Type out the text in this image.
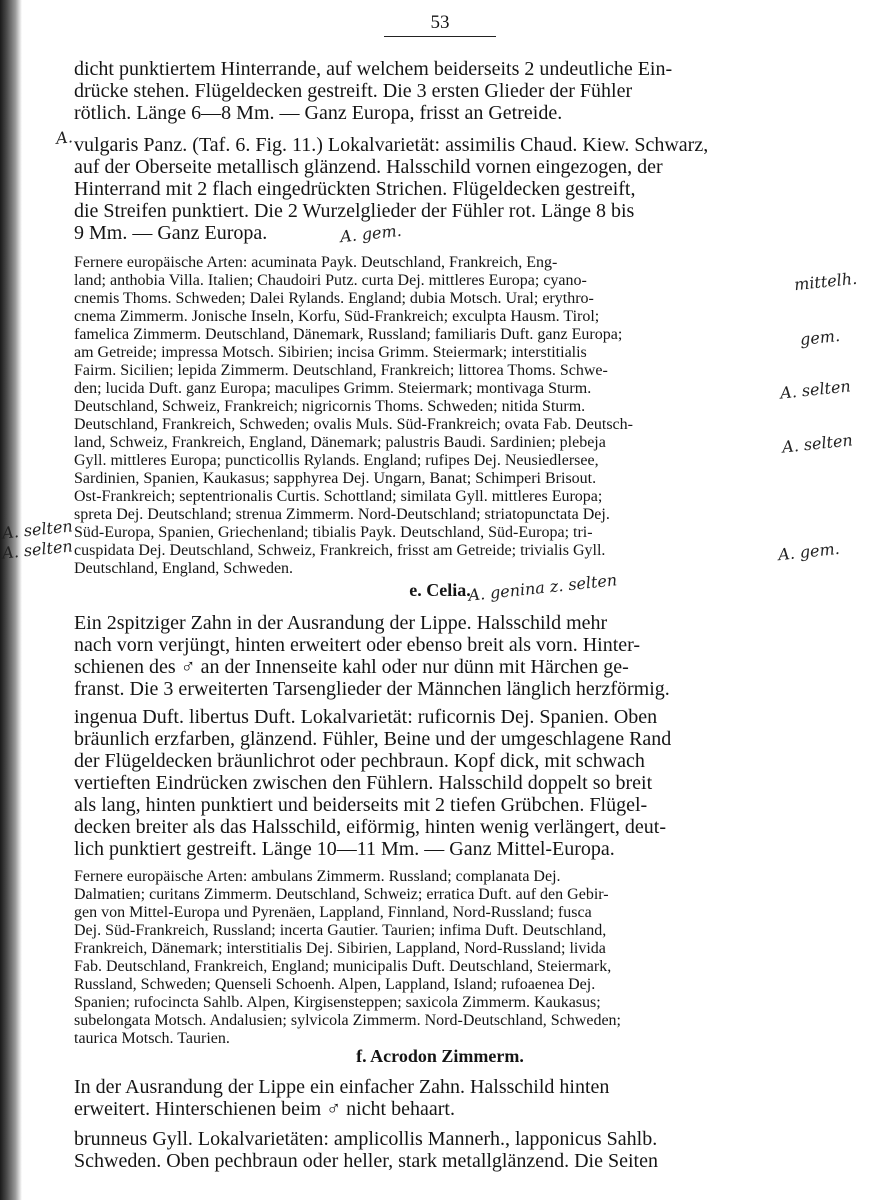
53
dicht punktiertem Hinterrande, auf welchem beiderseits 2 undeutliche Ein-
drücke stehen. Flügeldecken gestreift. Die 3 ersten Glieder der Fühler
rötlich. Länge 6—8 Mm. — Ganz Europa, frisst an Getreide.
vulgaris Panz. (Taf. 6. Fig. 11.) Lokalvarietät: assimilis Chaud. Kiew. Schwarz,
auf der Oberseite metallisch glänzend. Halsschild vornen eingezogen, der
Hinterrand mit 2 flach eingedrückten Strichen. Flügeldecken gestreift,
die Streifen punktiert. Die 2 Wurzelglieder der Fühler rot. Länge 8 bis
9 Mm. — Ganz Europa.
Fernere europäische Arten: acuminata Payk. Deutschland, Frankreich, Eng-
land; anthobia Villa. Italien; Chaudoiri Putz. curta Dej. mittleres Europa; cyano-
cnemis Thoms. Schweden; Dalei Rylands. England; dubia Motsch. Ural; erythro-
cnema Zimmerm. Jonische Inseln, Korfu, Süd-Frankreich; exculpta Hausm. Tirol;
famelica Zimmerm. Deutschland, Dänemark, Russland; familiaris Duft. ganz Europa;
am Getreide; impressa Motsch. Sibirien; incisa Grimm. Steiermark; interstitialis
Fairm. Sicilien; lepida Zimmerm. Deutschland, Frankreich; littorea Thoms. Schwe-
den; lucida Duft. ganz Europa; maculipes Grimm. Steiermark; montivaga Sturm.
Deutschland, Schweiz, Frankreich; nigricornis Thoms. Schweden; nitida Sturm.
Deutschland, Frankreich, Schweden; ovalis Muls. Süd-Frankreich; ovata Fab. Deutsch-
land, Schweiz, Frankreich, England, Dänemark; palustris Baudi. Sardinien; plebeja
Gyll. mittleres Europa; puncticollis Rylands. England; rufipes Dej. Neusiedlersee,
Sardinien, Spanien, Kaukasus; sapphyrea Dej. Ungarn, Banat; Schimperi Brisout.
Ost-Frankreich; septentrionalis Curtis. Schottland; similata Gyll. mittleres Europa;
spreta Dej. Deutschland; strenua Zimmerm. Nord-Deutschland; striatopunctata Dej.
Süd-Europa, Spanien, Griechenland; tibialis Payk. Deutschland, Süd-Europa; tri-
cuspidata Dej. Deutschland, Schweiz, Frankreich, frisst am Getreide; trivialis Gyll.
Deutschland, England, Schweden.
e. Celia.
Ein 2spitziger Zahn in der Ausrandung der Lippe. Halsschild mehr
nach vorn verjüngt, hinten erweitert oder ebenso breit als vorn. Hinter-
schienen des ♂ an der Innenseite kahl oder nur dünn mit Härchen ge-
franst. Die 3 erweiterten Tarsenglieder der Männchen länglich herzförmig.
ingenua Duft. libertus Duft. Lokalvarietät: ruficornis Dej. Spanien. Oben
bräunlich erzfarben, glänzend. Fühler, Beine und der umgeschlagene Rand
der Flügeldecken bräunlichrot oder pechbraun. Kopf dick, mit schwach
vertieften Eindrücken zwischen den Fühlern. Halsschild doppelt so breit
als lang, hinten punktiert und beiderseits mit 2 tiefen Grübchen. Flügel-
decken breiter als das Halsschild, eiförmig, hinten wenig verlängert, deut-
lich punktiert gestreift. Länge 10—11 Mm. — Ganz Mittel-Europa.
Fernere europäische Arten: ambulans Zimmerm. Russland; complanata Dej.
Dalmatien; curitans Zimmerm. Deutschland, Schweiz; erratica Duft. auf den Gebir-
gen von Mittel-Europa und Pyrenäen, Lappland, Finnland, Nord-Russland; fusca
Dej. Süd-Frankreich, Russland; incerta Gautier. Taurien; infima Duft. Deutschland,
Frankreich, Dänemark; interstitialis Dej. Sibirien, Lappland, Nord-Russland; livida
Fab. Deutschland, Frankreich, England; municipalis Duft. Deutschland, Steiermark,
Russland, Schweden; Quenseli Schoenh. Alpen, Lappland, Island; rufoaenea Dej.
Spanien; rufocincta Sahlb. Alpen, Kirgisensteppen; saxicola Zimmerm. Kaukasus;
subelongata Motsch. Andalusien; sylvicola Zimmerm. Nord-Deutschland, Schweden;
taurica Motsch. Taurien.
f. Acrodon Zimmerm.
In der Ausrandung der Lippe ein einfacher Zahn. Halsschild hinten
erweitert. Hinterschienen beim ♂ nicht behaart.
brunneus Gyll. Lokalvarietäten: amplicollis Mannerh., lapponicus Sahlb.
Schweden. Oben pechbraun oder heller, stark metallglänzend. Die Seiten
A.
A. gem.
mittelh.
gem.
A. selten
A. selten
A. selten
A. selten	A. gem.
A. genina z. selten
